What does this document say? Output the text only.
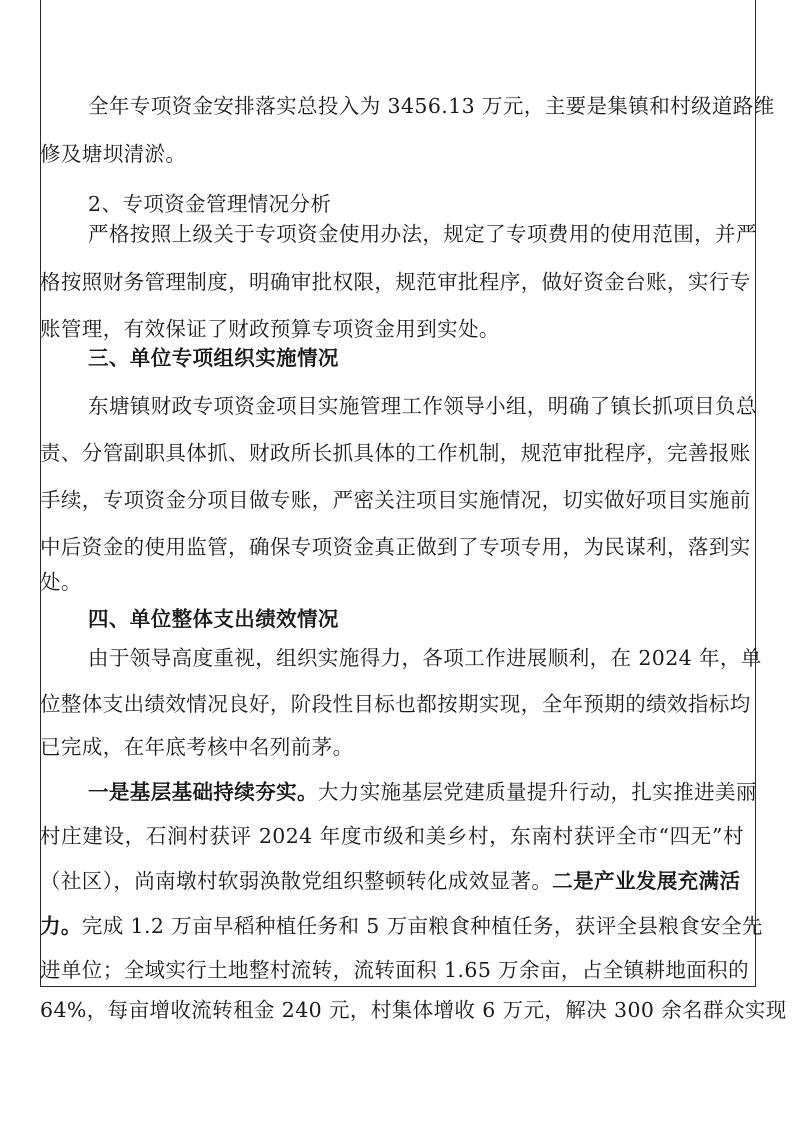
全年专项资金安排落实总投入为 3456.13 万元，主要是集镇和村级道路维
修及塘坝清淤。
2、专项资金管理情况分析
严格按照上级关于专项资金使用办法，规定了专项费用的使用范围，并严
格按照财务管理制度，明确审批权限，规范审批程序，做好资金台账，实行专
账管理，有效保证了财政预算专项资金用到实处。
三、单位专项组织实施情况
东塘镇财政专项资金项目实施管理工作领导小组，明确了镇长抓项目负总
责、分管副职具体抓、财政所长抓具体的工作机制，规范审批程序，完善报账
手续，专项资金分项目做专账，严密关注项目实施情况，切实做好项目实施前
中后资金的使用监管，确保专项资金真正做到了专项专用，为民谋利，落到实
处。
四、单位整体支出绩效情况
由于领导高度重视，组织实施得力，各项工作进展顺利，在 2024 年，单
位整体支出绩效情况良好，阶段性目标也都按期实现，全年预期的绩效指标均
已完成，在年底考核中名列前茅。
一是基层基础持续夯实。大力实施基层党建质量提升行动，扎实推进美丽
村庄建设，石涧村获评 2024 年度市级和美乡村，东南村获评全市“四无”村
（社区），尚南墩村软弱涣散党组织整顿转化成效显著。二是产业发展充满活
力。完成 1.2 万亩早稻种植任务和 5 万亩粮食种植任务，获评全县粮食安全先
进单位；全域实行土地整村流转，流转面积 1.65 万余亩，占全镇耕地面积的
64%，每亩增收流转租金 240 元，村集体增收 6 万元，解决 300 余名群众实现
